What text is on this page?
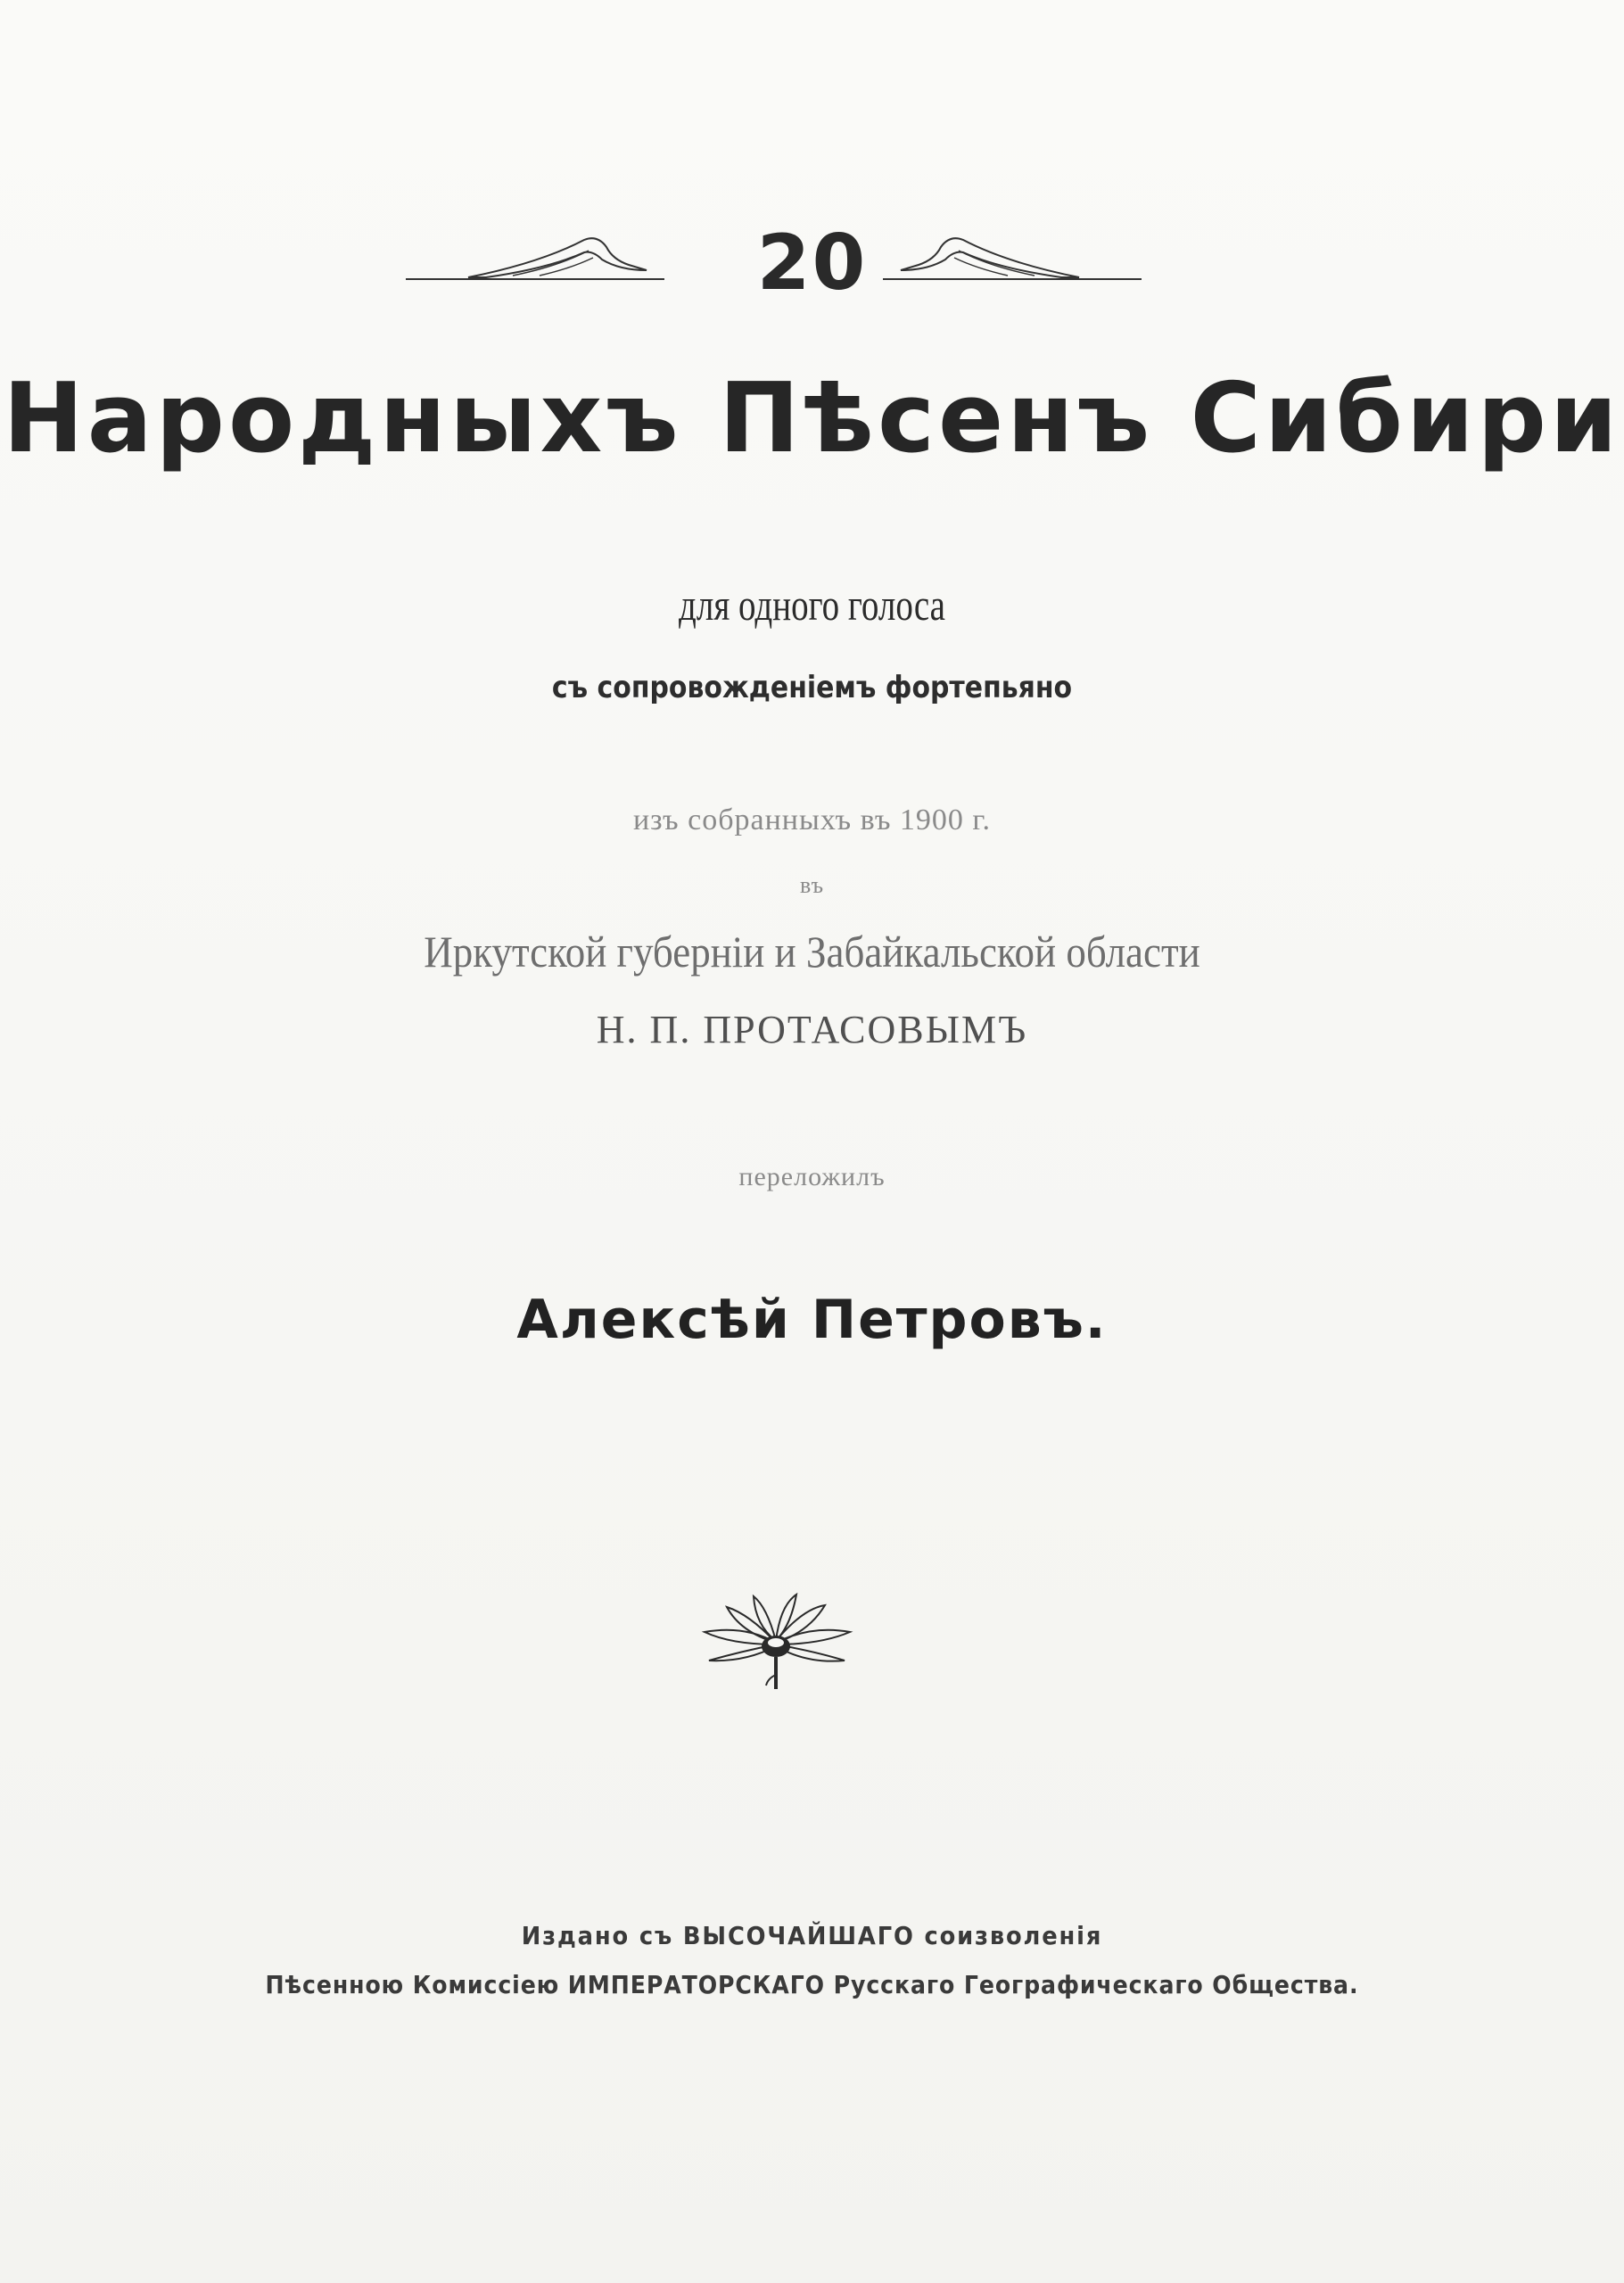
20
Народныхъ Пѣсенъ Сибири
для одного голоса
съ сопровожденіемъ фортепьяно
изъ собранныхъ въ 1900 г.
въ
Иркутской губерніи и Забайкальской области
Н. П. ПРОТАСОВЫМЪ
переложилъ
Алексѣй Петровъ.
Издано съ ВЫСОЧАЙШАГО соизволенія
Пѣсенною Комиссіею ИМПЕРАТОРСКАГО Русскаго Географическаго Общества.
